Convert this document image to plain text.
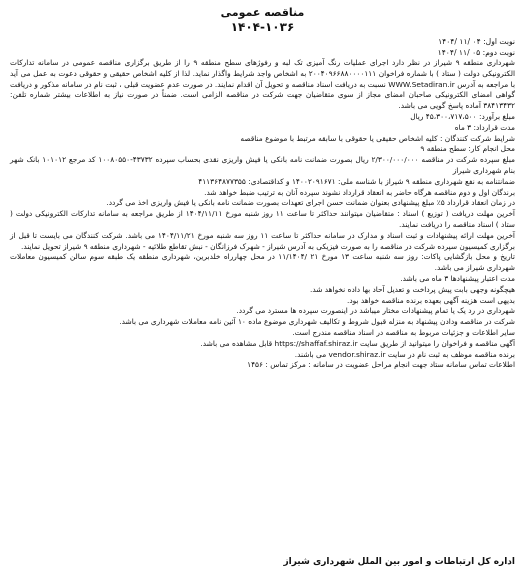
مناقصه عمومی
۱۴۰۴-۱۰۳۶
نوبت اول: ۰۴ /۱۱ /۱۴۰۴
نوبت دوم: ۰۵ /۱۱ /۱۴۰۴

شهرداری منطقه ۹ شیراز در نظر دارد اجرای عملیات رنگ آمیزی تک لبه و رفوژهای سطح منطقه ۹ را از طریق برگزاری مناقصه عمومی در سامانه تدارکات الکترونیکی دولت ( ستاد ) با شماره فراخوان ۲۰۰۴۰۹۶۶۸۸۰۰۰۰۱۱۱ به اشخاص واجد شرایط واگذار نماید. لذا از کلیه اشخاص حقیقی و حقوقی دعوت به عمل می آید با مراجعه به آدرس WWW.Setadiran.ir نسبت به دریافت اسناد مناقصه و تحویل آن اقدام نمایند. در صورت عدم عضویت قبلی ، ثبت نام در سامانه مذکور و دریافت گواهی امضای الکترونیکی صاحبان امضای مجاز از سوی متقاضیان جهت شرکت در مناقصه الزامی است. ضمناً در صورت نیاز به اطلاعات بیشتر شماره تلفن: ۳۸۴۱۳۴۳۲ آماده پاسخ گویی می باشد.

مبلغ برآورد: ۴۵،۳۰۰،۷۱۷،۵۰۰ ریال

مدت قرارداد: ۳ ماه

شرایط شرکت کنندگان : کلیه اشخاص حقیقی یا حقوقی با سابقه مرتبط با موضوع مناقصه

محل انجام کار: سطح منطقه ۹

مبلغ سپرده شرکت در مناقصه ۲/۳۰۰/۰۰۰/۰۰۰ ریال بصورت ضمانت نامه بانکی یا فیش واریزی نقدی بحساب سپرده ۴۳۷۳۲-۱۰۰۸۰۵۵۰ کد مرجع ۱۰۱۰۱۲ بانک شهر بنام شهرداری شیراز

ضمانتنامه به نفع شهرداری منطقه ۹ شیراز با شناسه ملی: ۱۴۰۰۲۰۹۱۶۷۱ و کداقتصادی: ۴۱۱۳۶۴۸۷۷۳۵۵

برندگان اول و دوم مناقصه هرگاه حاضر به انعقاد قرارداد نشوند سپرده آنان به ترتیب ضبط خواهد شد.

در زمان انعقاد قرارداد ۵٪ مبلغ پیشنهادی بعنوان ضمانت حسن اجرای تعهدات بصورت ضمانت نامه بانکی یا فیش واریزی اخذ می گردد.

آخرین مهلت دریافت ( توزیع ) اسناد : متقاضیان میتوانند حداکثر تا ساعت ۱۱ روز شنبه مورخ ۱۴۰۴/۱۱/۱۱ از طریق مراجعه به سامانه تدارکات الکترونیکی دولت ( ستاد ) اسناد مناقصه را دریافت نمایند.

آخرین مهلت ارائه پیشنهادات و ثبت اسناد و مدارک در سامانه حداکثر تا ساعت ۱۱ روز سه شنبه مورخ ۱۴۰۴/۱۱/۲۱ می باشد. شرکت کنندگان می بایست تا قبل از برگزاری کمیسیون سپرده شرکت در مناقصه را به صورت فیزیکی به آدرس شیراز - شهرک فرزانگان - نبش تقاطع طلائیه - شهرداری منطقه ۹ شیراز تحویل نمایند.

تاریخ و محل بازگشایی پاکات: روز سه شنبه ساعت ۱۳ مورخ ۲۱ /۱۱/۱۴۰۴ در محل چهارراه خلدبرین، شهرداری منطقه یک طبقه سوم سالن کمیسیون معاملات شهرداری شیراز می باشد.

مدت اعتبار پیشنهادها ۳ ماه می باشد.

هیچگونه وجهی بابت پیش پرداخت و تعدیل آحاد بها داده نخواهد شد.

بدیهی است هزینه آگهی بعهده برنده مناقصه خواهد بود.

شهرداری در رد یک یا تمام پیشنهادات مختار میباشد در اینصورت سپرده ها مسترد می گردد.

شرکت در مناقصه ودادن پیشنهاد به منزله قبول شروط و تکالیف شهرداری موضوع ماده ۱۰ آئین نامه معاملات شهرداری می باشد.

سایر اطلاعات و جزئیات مربوط به مناقصه در اسناد مناقصه مندرج است.

آگهی مناقصه و فراخوان را میتوانید از طریق سایت https://shaffaf.shiraz.ir قابل مشاهده می باشد.

برنده مناقصه موظف به ثبت نام در سایت vendor.shiraz.ir می باشند.

اطلاعات تماس سامانه ستاد جهت انجام مراحل عضویت در سامانه : مرکز تماس : ۱۴۵۶

اداره کل ارتباطات و امور بین الملل شهرداری شیراز
